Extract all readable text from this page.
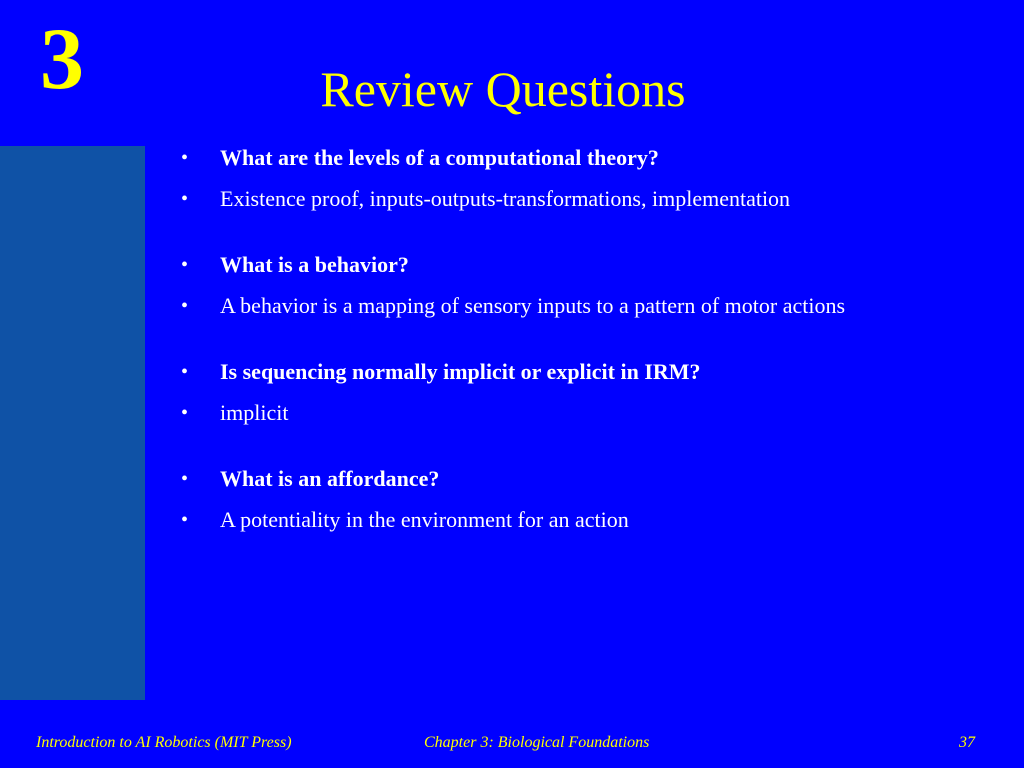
3	Review Questions
•	What are the levels of a computational theory?
•	Existence proof, inputs-outputs-transformations, implementation
•	What is a behavior?
•	A behavior is a mapping of sensory inputs to a pattern of motor actions
•	Is sequencing normally implicit or explicit in IRM?
•	implicit
•	What is an affordance?
•	A potentiality in the environment for an action
Introduction to AI Robotics (MIT Press)	Chapter 3: Biological Foundations	37
